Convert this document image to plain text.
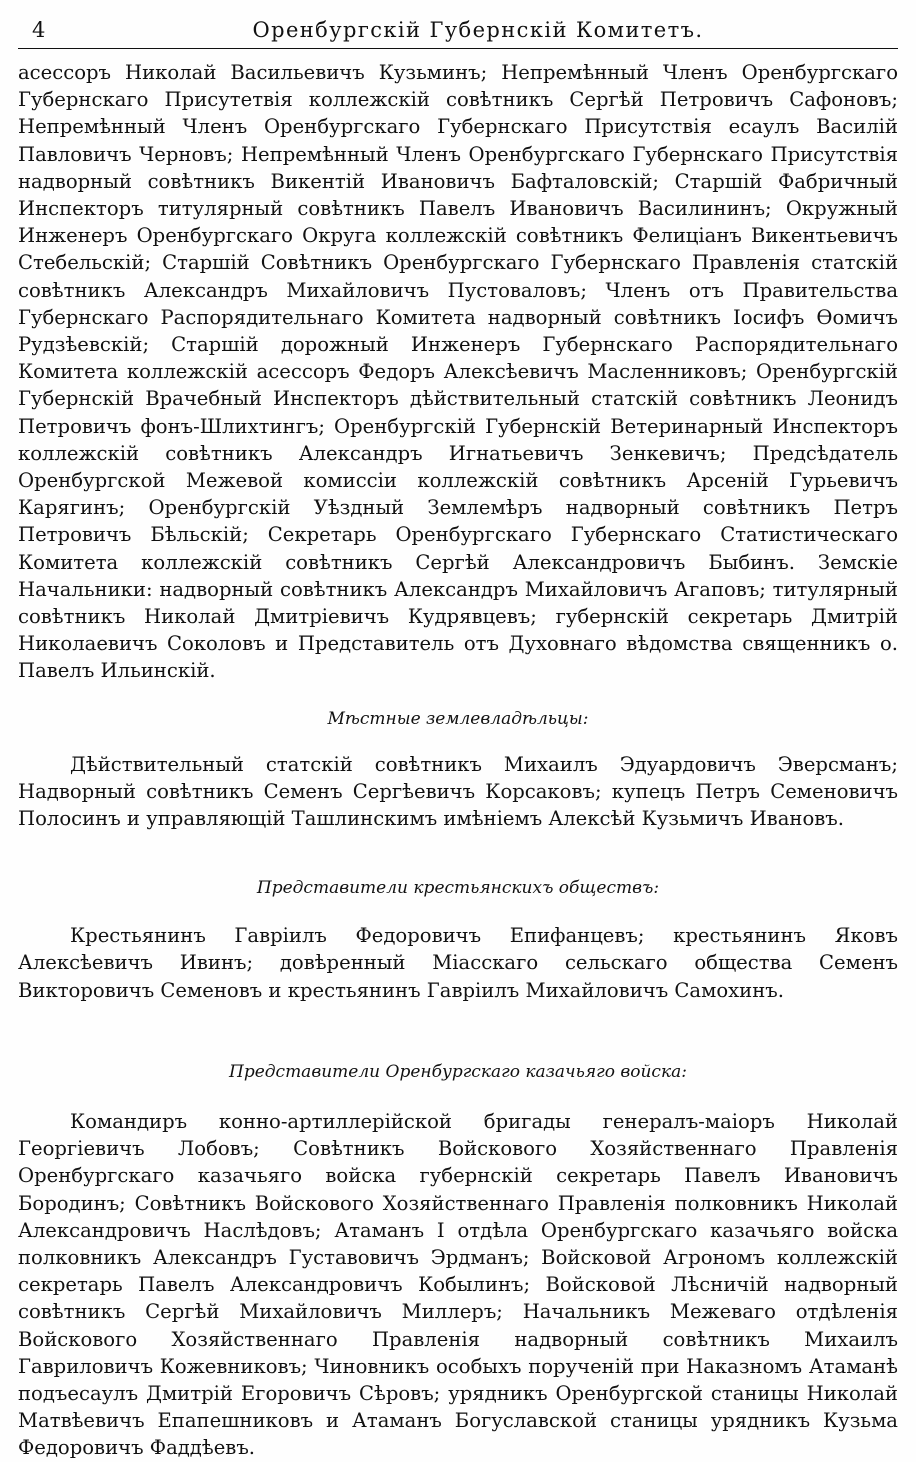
4	Оренбургскій Губернскій Комитетъ.

асессоръ Николай Васильевичъ Кузьминъ; Непремѣнный Членъ Оренбургскаго Губернскаго Присутетвія коллежскій совѣтникъ Сергѣй Петровичъ Сафоновъ; Непремѣнный Членъ Оренбургскаго Губернскаго Присутствія есаулъ Василій Павловичъ Черновъ; Непремѣнный Членъ Оренбургскаго Губернскаго Присутствія надворный совѣтникъ Викентій Ивановичъ Бафталовскій; Старшій Фабричный Инспекторъ титулярный совѣтникъ Павелъ Ивановичъ Василининъ; Окружный Инженеръ Оренбургскаго Округа коллежскій совѣтникъ Фелиціанъ Викентьевичъ Стебельскій; Старшій Совѣтникъ Оренбургскаго Губернскаго Правленія статскій совѣтникъ Александръ Михайловичъ Пустоваловъ; Членъ отъ Правительства Губернскаго Распорядительнаго Комитета надворный совѣтникъ Іосифъ Ѳомичъ Рудзѣевскій; Старшій дорожный Инженеръ Губернскаго Распорядительнаго Комитета коллежскій асессоръ Федоръ Алексѣевичъ Масленниковъ; Оренбургскій Губернскій Врачебный Инспекторъ дѣйствительный статскій совѣтникъ Леонидъ Петровичъ фонъ-Шлихтингъ; Оренбургскій Губернскій Ветеринарный Инспекторъ коллежскій совѣтникъ Александръ Игнатьевичъ Зенкевичъ; Предсѣдатель Оренбургской Межевой комиссіи коллежскій совѣтникъ Арсеній Гурьевичъ Карягинъ; Оренбургскій Уѣздный Землемѣръ надворный совѣтникъ Петръ Петровичъ Бѣльскій; Секретарь Оренбургскаго Губернскаго Статистическаго Комитета коллежскій совѣтникъ Сергѣй Александровичъ Быбинъ. Земскіе Начальники: надворный совѣтникъ Александръ Михайловичъ Агаповъ; титулярный совѣтникъ Николай Дмитріевичъ Кудрявцевъ; губернскій секретарь Дмитрій Николаевичъ Соколовъ и Представитель отъ Духовнаго вѣдомства священникъ о. Павелъ Ильинскій.

Мѣстные землевладѣльцы:

Дѣйствительный статскій совѣтникъ Михаилъ Эдуардовичъ Эверсманъ; Надворный совѣтникъ Семенъ Сергѣевичъ Корсаковъ; купецъ Петръ Семеновичъ Полосинъ и управляющій Ташлинскимъ имѣніемъ Алексѣй Кузьмичъ Ивановъ.

Представители крестьянскихъ обществъ:

Крестьянинъ Гавріилъ Федоровичъ Епифанцевъ; крестьянинъ Яковъ Алексѣевичъ Ивинъ; довѣренный Міасскаго сельскаго общества Семенъ Викторовичъ Семеновъ и крестьянинъ Гавріилъ Михайловичъ Самохинъ.

Представители Оренбургскаго казачьяго войска:

Командиръ конно-артиллерійской бригады генералъ-маіоръ Николай Георгіевичъ Лобовъ; Совѣтникъ Войскового Хозяйственнаго Правленія Оренбургскаго казачьяго войска губернскій секретарь Павелъ Ивановичъ Бородинъ; Совѣтникъ Войскового Хозяйственнаго Правленія полковникъ Николай Александровичъ Наслѣдовъ; Атаманъ I отдѣла Оренбургскаго казачьяго войска полковникъ Александръ Густавовичъ Эрдманъ; Войсковой Агрономъ коллежскій секретарь Павелъ Александровичъ Кобылинъ; Войсковой Лѣсничій надворный совѣтникъ Сергѣй Михайловичъ Миллеръ; Начальникъ Межеваго отдѣленія Войскового Хозяйственнаго Правленія надворный совѣтникъ Михаилъ Гавриловичъ Кожевниковъ; Чиновникъ особыхъ порученій при Наказномъ Атаманѣ подъесаулъ Дмитрій Егоровичъ Сѣровъ; урядникъ Оренбургской станицы Николай Матвѣевичъ Епапешниковъ и Атаманъ Богуславской станицы урядникъ Кузьма Федоровичъ Фаддѣевъ.
